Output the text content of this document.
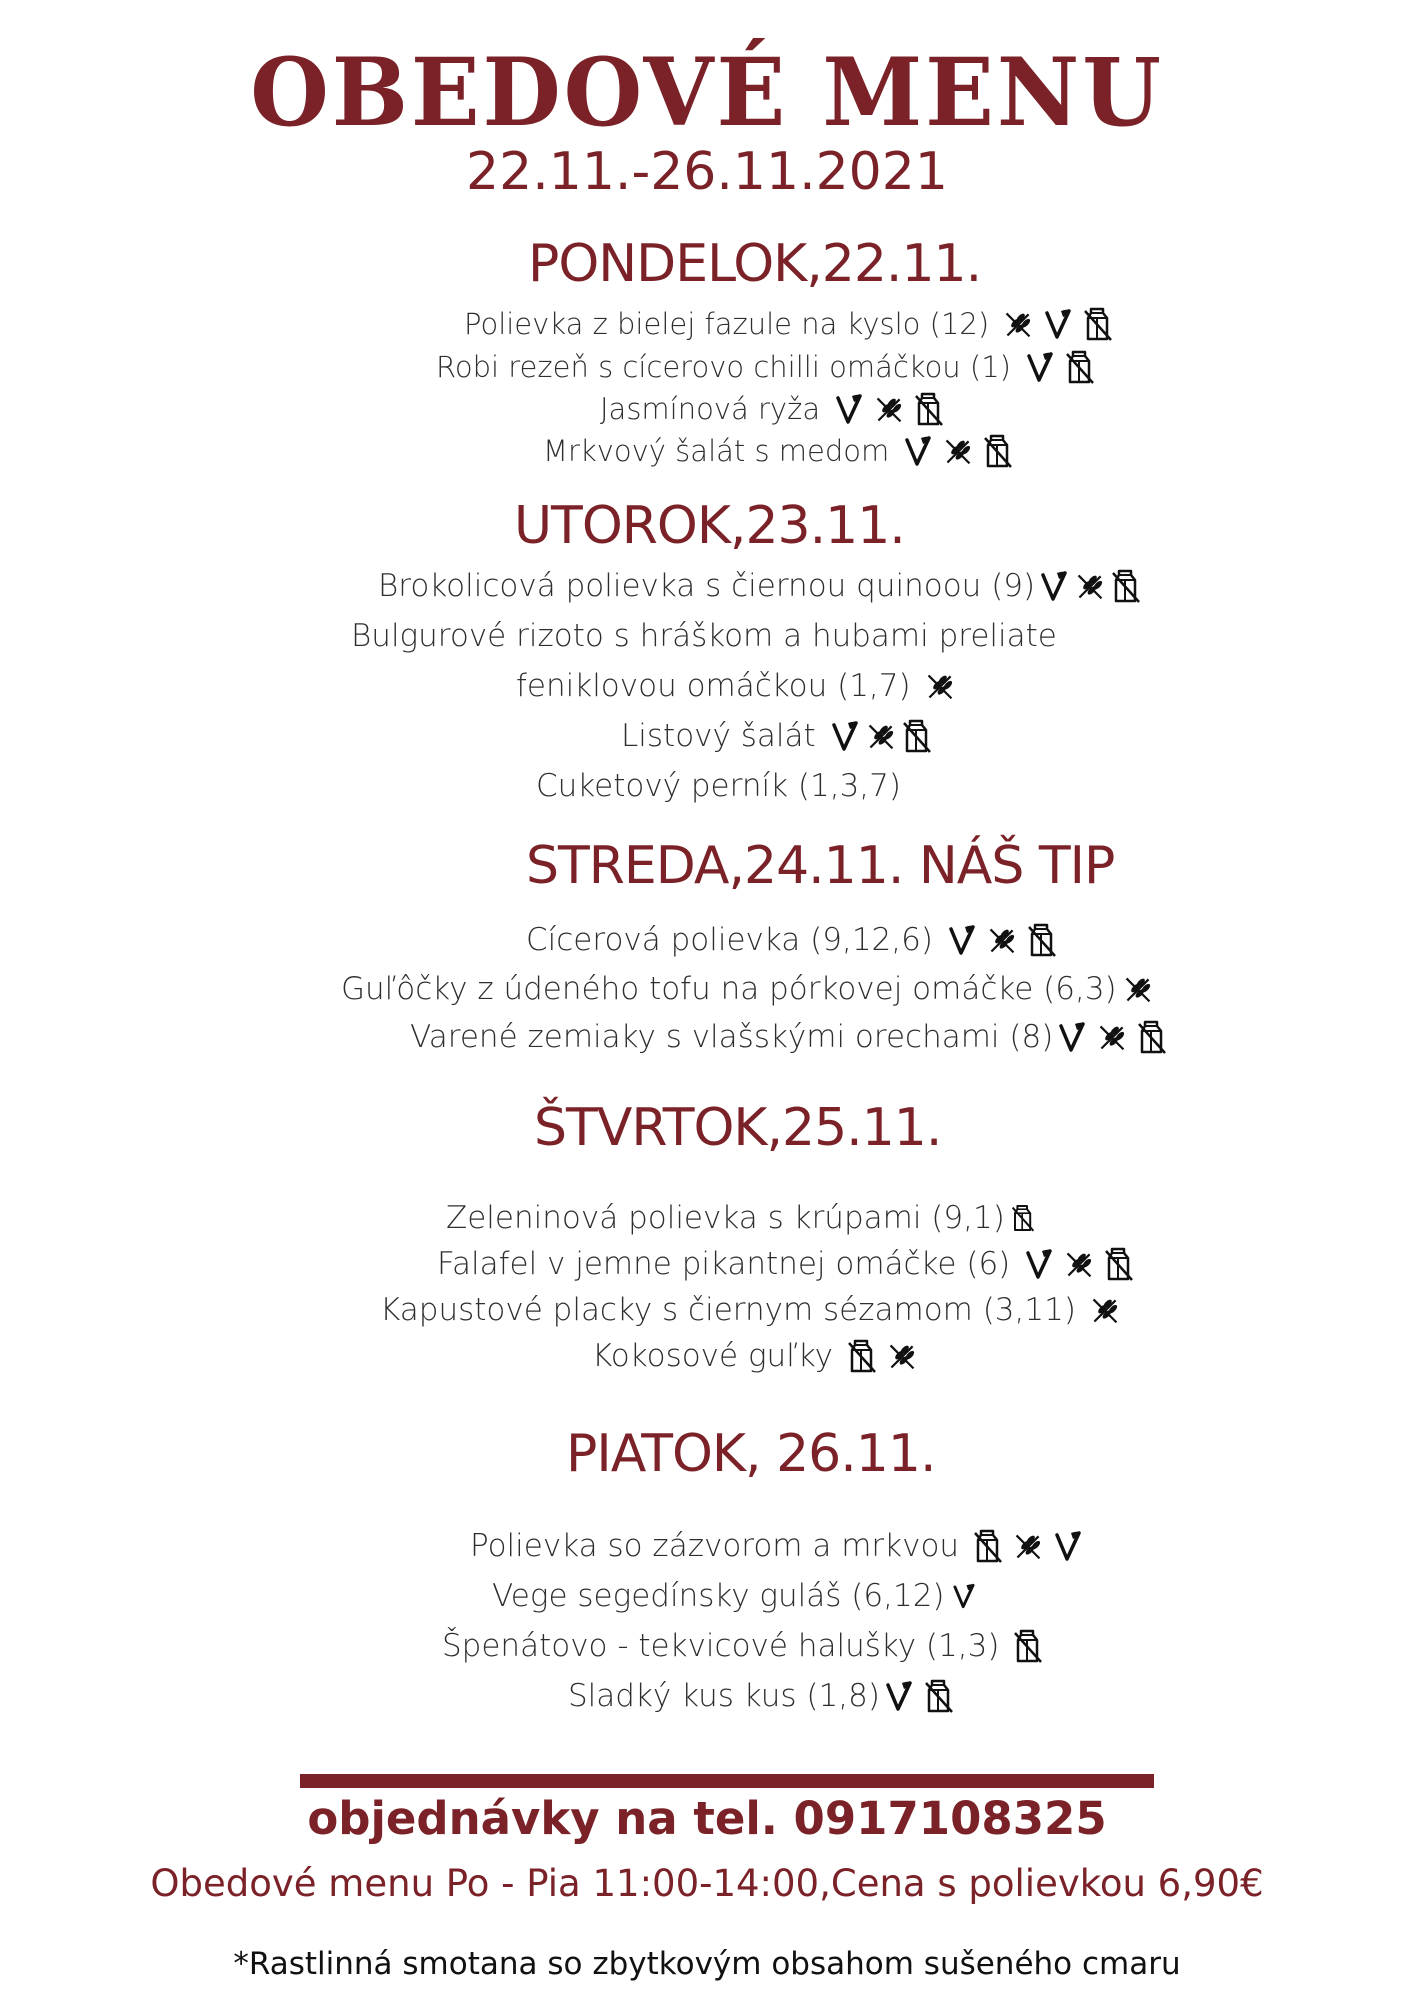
OBEDOVÉ MENU
22.11.-26.11.2021
PONDELOK,22.11.
Polievka z bielej fazule na kyslo (12)
Robi rezeň s cícerovo chilli omáčkou (1)
Jasmínová ryža
Mrkvový šalát s medom
UTOROK,23.11.
Brokolicová polievka s čiernou quinoou (9)
Bulgurové rizoto s hráškom a hubami preliate
feniklovou omáčkou (1,7)
Listový šalát
Cuketový perník (1,3,7)
STREDA,24.11. NÁŠ TIP
Cícerová polievka (9,12,6)
Guľôčky z údeného tofu na pórkovej omáčke (6,3)
Varené zemiaky s vlašskými orechami (8)
ŠTVRTOK,25.11.
Zeleninová polievka s krúpami (9,1)
Falafel v jemne pikantnej omáčke (6)
Kapustové placky s čiernym sézamom (3,11)
Kokosové guľky
PIATOK, 26.11.
Polievka so zázvorom a mrkvou
Vege segedínsky guláš (6,12)
Špenátovo - tekvicové halušky (1,3)
Sladký kus kus (1,8)
objednávky na tel. 0917108325
Obedové menu Po - Pia 11:00-14:00,Cena s polievkou 6,90€
*Rastlinná smotana so zbytkovým obsahom sušeného cmaru
